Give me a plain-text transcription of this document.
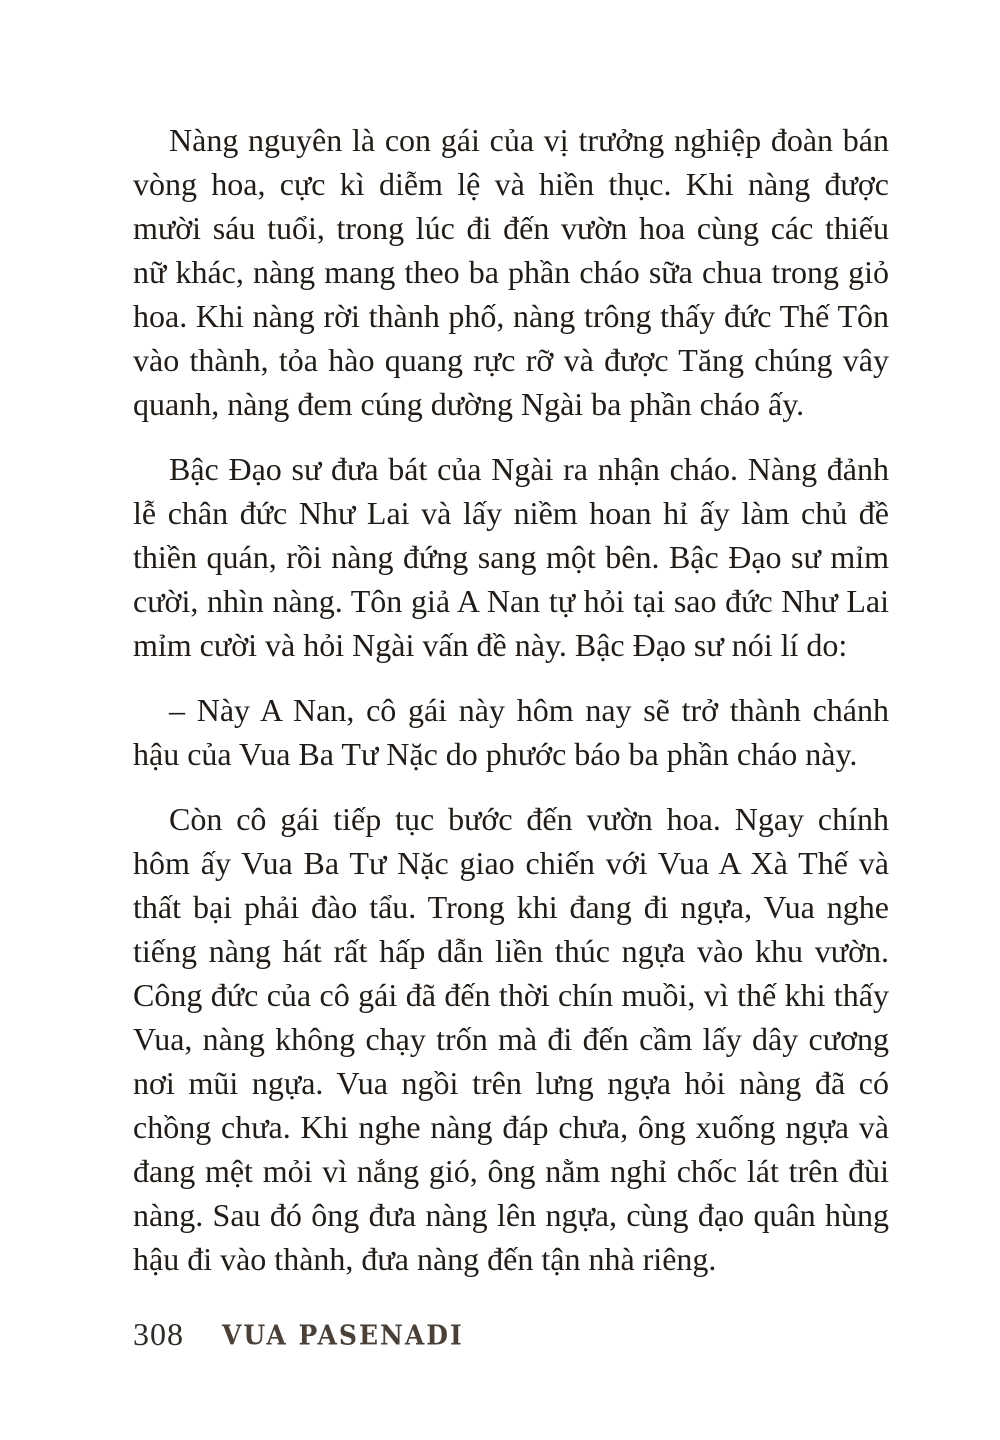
Nàng nguyên là con gái của vị trưởng nghiệp đoàn bán vòng hoa, cực kì diễm lệ và hiền thục. Khi nàng được mười sáu tuổi, trong lúc đi đến vườn hoa cùng các thiếu nữ khác, nàng mang theo ba phần cháo sữa chua trong giỏ hoa. Khi nàng rời thành phố, nàng trông thấy đức Thế Tôn vào thành, tỏa hào quang rực rỡ và được Tăng chúng vây quanh, nàng đem cúng dường Ngài ba phần cháo ấy.

Bậc Đạo sư đưa bát của Ngài ra nhận cháo. Nàng đảnh lễ chân đức Như Lai và lấy niềm hoan hỉ ấy làm chủ đề thiền quán, rồi nàng đứng sang một bên. Bậc Đạo sư mỉm cười, nhìn nàng. Tôn giả A Nan tự hỏi tại sao đức Như Lai mỉm cười và hỏi Ngài vấn đề này. Bậc Đạo sư nói lí do:

– Này A Nan, cô gái này hôm nay sẽ trở thành chánh hậu của Vua Ba Tư Nặc do phước báo ba phần cháo này.

Còn cô gái tiếp tục bước đến vườn hoa. Ngay chính hôm ấy Vua Ba Tư Nặc giao chiến với Vua A Xà Thế và thất bại phải đào tẩu. Trong khi đang đi ngựa, Vua nghe tiếng nàng hát rất hấp dẫn liền thúc ngựa vào khu vườn. Công đức của cô gái đã đến thời chín muồi, vì thế khi thấy Vua, nàng không chạy trốn mà đi đến cầm lấy dây cương nơi mũi ngựa. Vua ngồi trên lưng ngựa hỏi nàng đã có chồng chưa. Khi nghe nàng đáp chưa, ông xuống ngựa và đang mệt mỏi vì nắng gió, ông nằm nghỉ chốc lát trên đùi nàng. Sau đó ông đưa nàng lên ngựa, cùng đạo quân hùng hậu đi vào thành, đưa nàng đến tận nhà riêng.

308 VUA PASENADI
